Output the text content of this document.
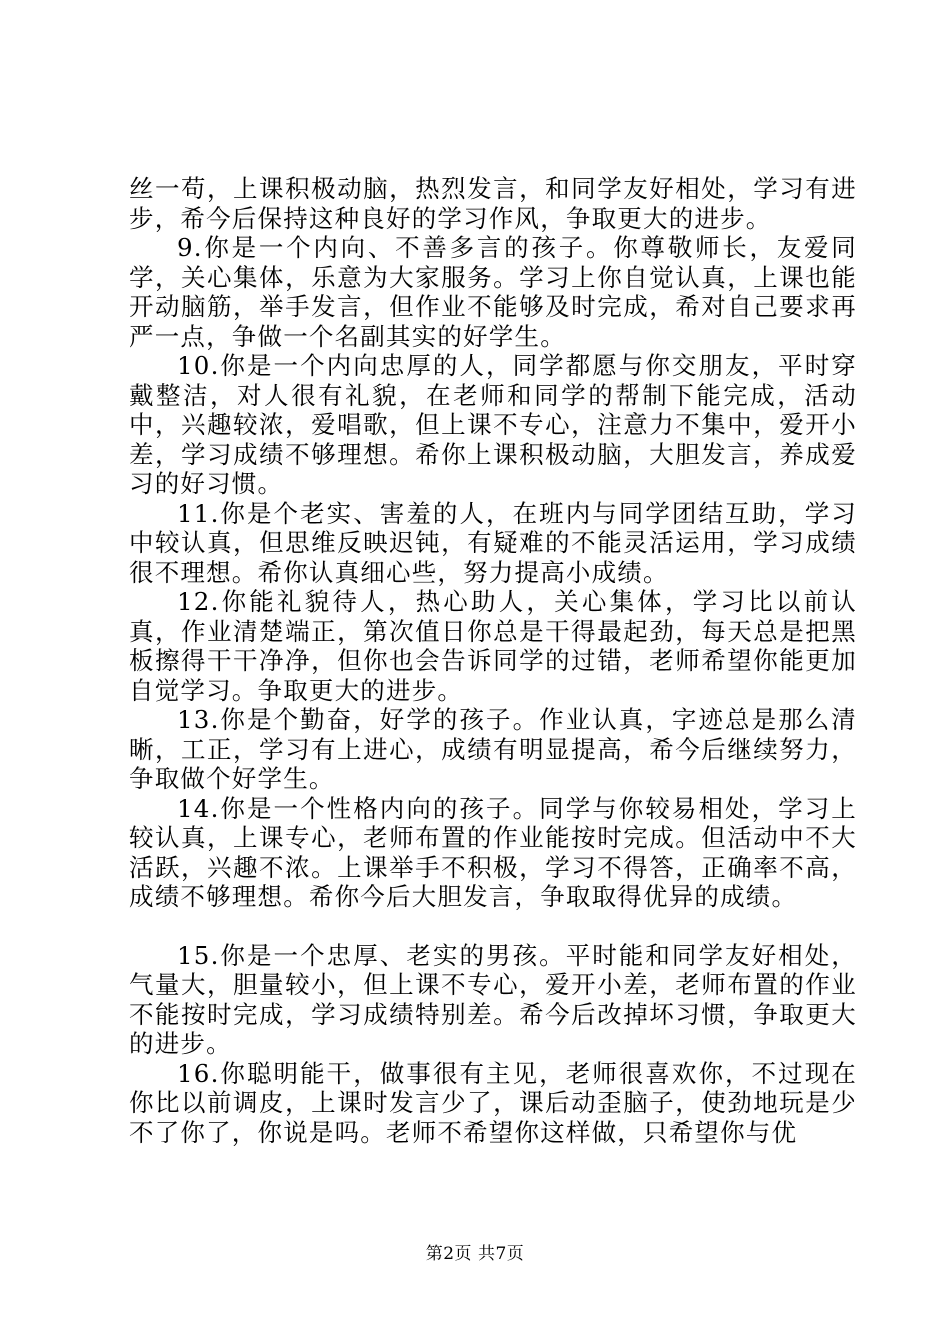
丝一苟，上课积极动脑，热烈发言，和同学友好相处，学习有进步，希今后保持这种良好的学习作风，争取更大的进步。

9.你是一个内向、不善多言的孩子。你尊敬师长，友爱同学，关心集体，乐意为大家服务。学习上你自觉认真，上课也能开动脑筋，举手发言，但作业不能够及时完成，希对自己要求再严一点，争做一个名副其实的好学生。

10.你是一个内向忠厚的人，同学都愿与你交朋友，平时穿戴整洁，对人很有礼貌，在老师和同学的帮制下能完成，活动中，兴趣较浓，爱唱歌，但上课不专心，注意力不集中，爱开小差，学习成绩不够理想。希你上课积极动脑，大胆发言，养成爱习的好习惯。

11.你是个老实、害羞的人，在班内与同学团结互助，学习中较认真，但思维反映迟钝，有疑难的不能灵活运用，学习成绩很不理想。希你认真细心些，努力提高小成绩。

12.你能礼貌待人，热心助人，关心集体，学习比以前认真，作业清楚端正，第次值日你总是干得最起劲，每天总是把黑板擦得干干净净，但你也会告诉同学的过错，老师希望你能更加自觉学习。争取更大的进步。

13.你是个勤奋，好学的孩子。作业认真，字迹总是那么清晰，工正，学习有上进心，成绩有明显提高，希今后继续努力，争取做个好学生。

14.你是一个性格内向的孩子。同学与你较易相处，学习上较认真，上课专心，老师布置的作业能按时完成。但活动中不大活跃，兴趣不浓。上课举手不积极，学习不得答，正确率不高，成绩不够理想。希你今后大胆发言，争取取得优异的成绩。

15.你是一个忠厚、老实的男孩。平时能和同学友好相处，气量大，胆量较小，但上课不专心，爱开小差，老师布置的作业不能按时完成，学习成绩特别差。希今后改掉坏习惯，争取更大的进步。

16.你聪明能干，做事很有主见，老师很喜欢你，不过现在你比以前调皮，上课时发言少了，课后动歪脑子，使劲地玩是少不了你了，你说是吗。老师不希望你这样做，只希望你与优

第2页 共7页
